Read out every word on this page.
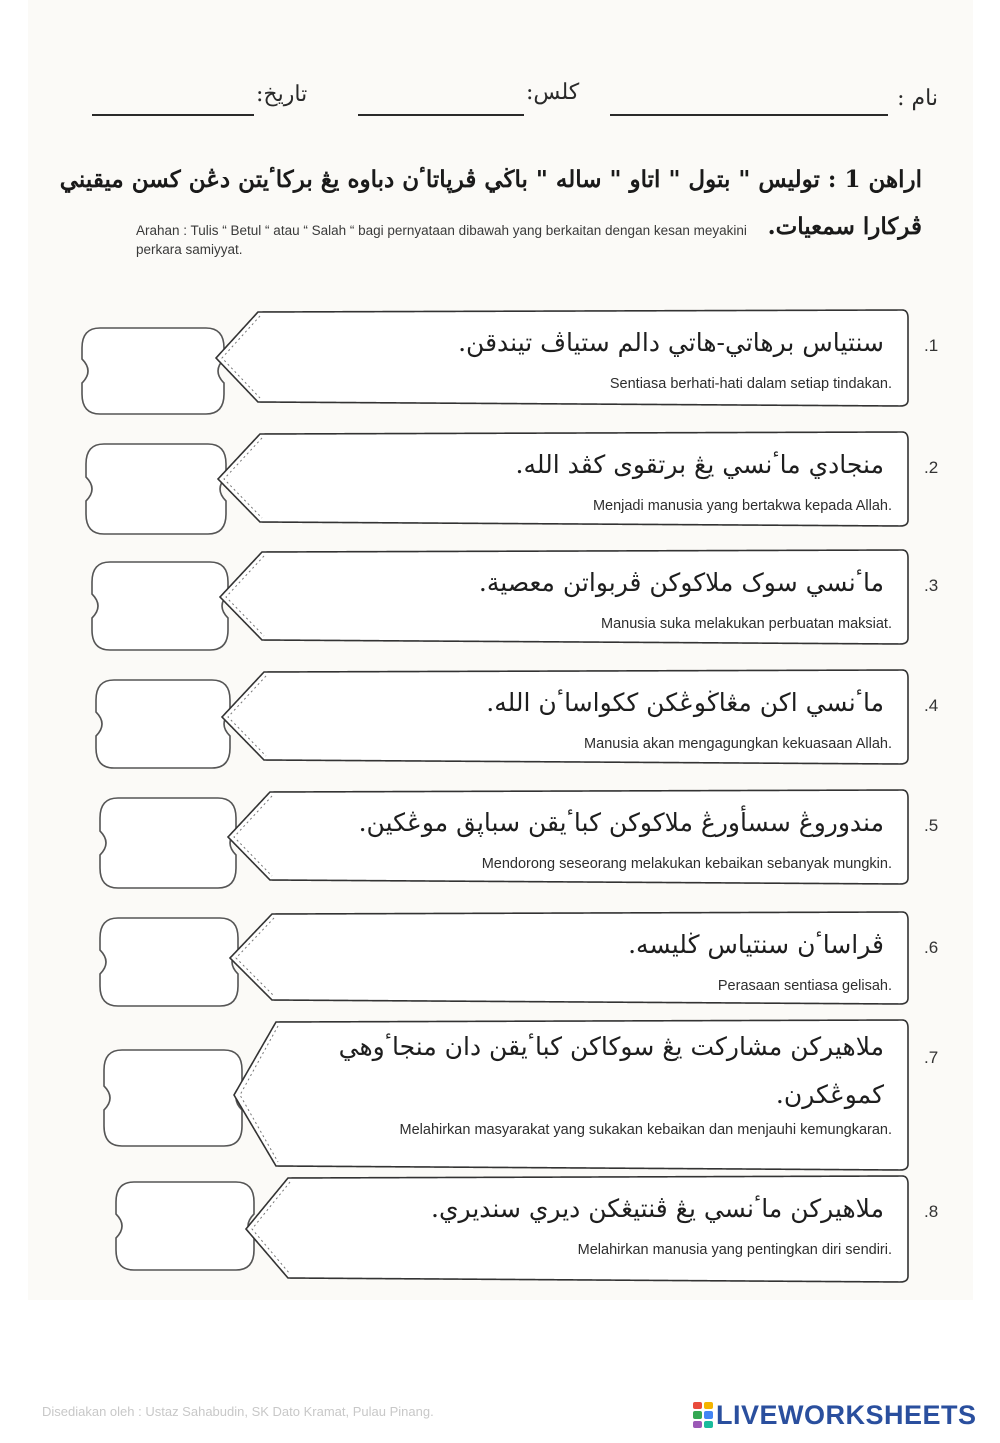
نام :
کلس:
تاريخ:
اراهن 1 : توليس " بتول " اتاو " ساله " باڬي ڤرڽاتاٴن دباوه يڠ برکاٴيتن دڠن کسن ميقيني
ڤرکارا سمعيات.
Arahan : Tulis “ Betul “ atau “ Salah “ bagi pernyataan dibawah yang berkaitan dengan kesan meyakini perkara samiyyat.
سنتياس برهاتي-هاتي دالم ستياڤ تيندقن.
Sentiasa berhati-hati dalam setiap tindakan.
.1
منجادي ماٴنسي يڠ برتقوى کڤد الله.
Menjadi manusia yang bertakwa kepada Allah.
.2
ماٴنسي سوک ملاکوکن ڤربواتن معصية.
Manusia suka melakukan perbuatan maksiat.
.3
ماٴنسي اکن مڠاڬوڠکن ککواساٴن الله.
Manusia akan mengagungkan kekuasaan Allah.
.4
مندوروڠ سسأورڠ ملاکوکن کباٴيقن سباڽق موڠکين.
Mendorong seseorang melakukan kebaikan sebanyak mungkin.
.5
ڤراساٴن سنتياس ڬليسه.
Perasaan sentiasa gelisah.
.6
ملاهيرکن مشارکت يڠ سوکاکن کباٴيقن دان منجاٴوهي
کموڠکرن.
Melahirkan masyarakat yang sukakan kebaikan dan menjauhi kemungkaran.
.7
ملاهيرکن ماٴنسي يڠ ڤنتيڠکن ديري سنديري.
Melahirkan manusia yang pentingkan diri sendiri.
.8
Disediakan oleh : Ustaz Sahabudin, SK Dato Kramat, Pulau Pinang.	LIVEWORKSHEETS
